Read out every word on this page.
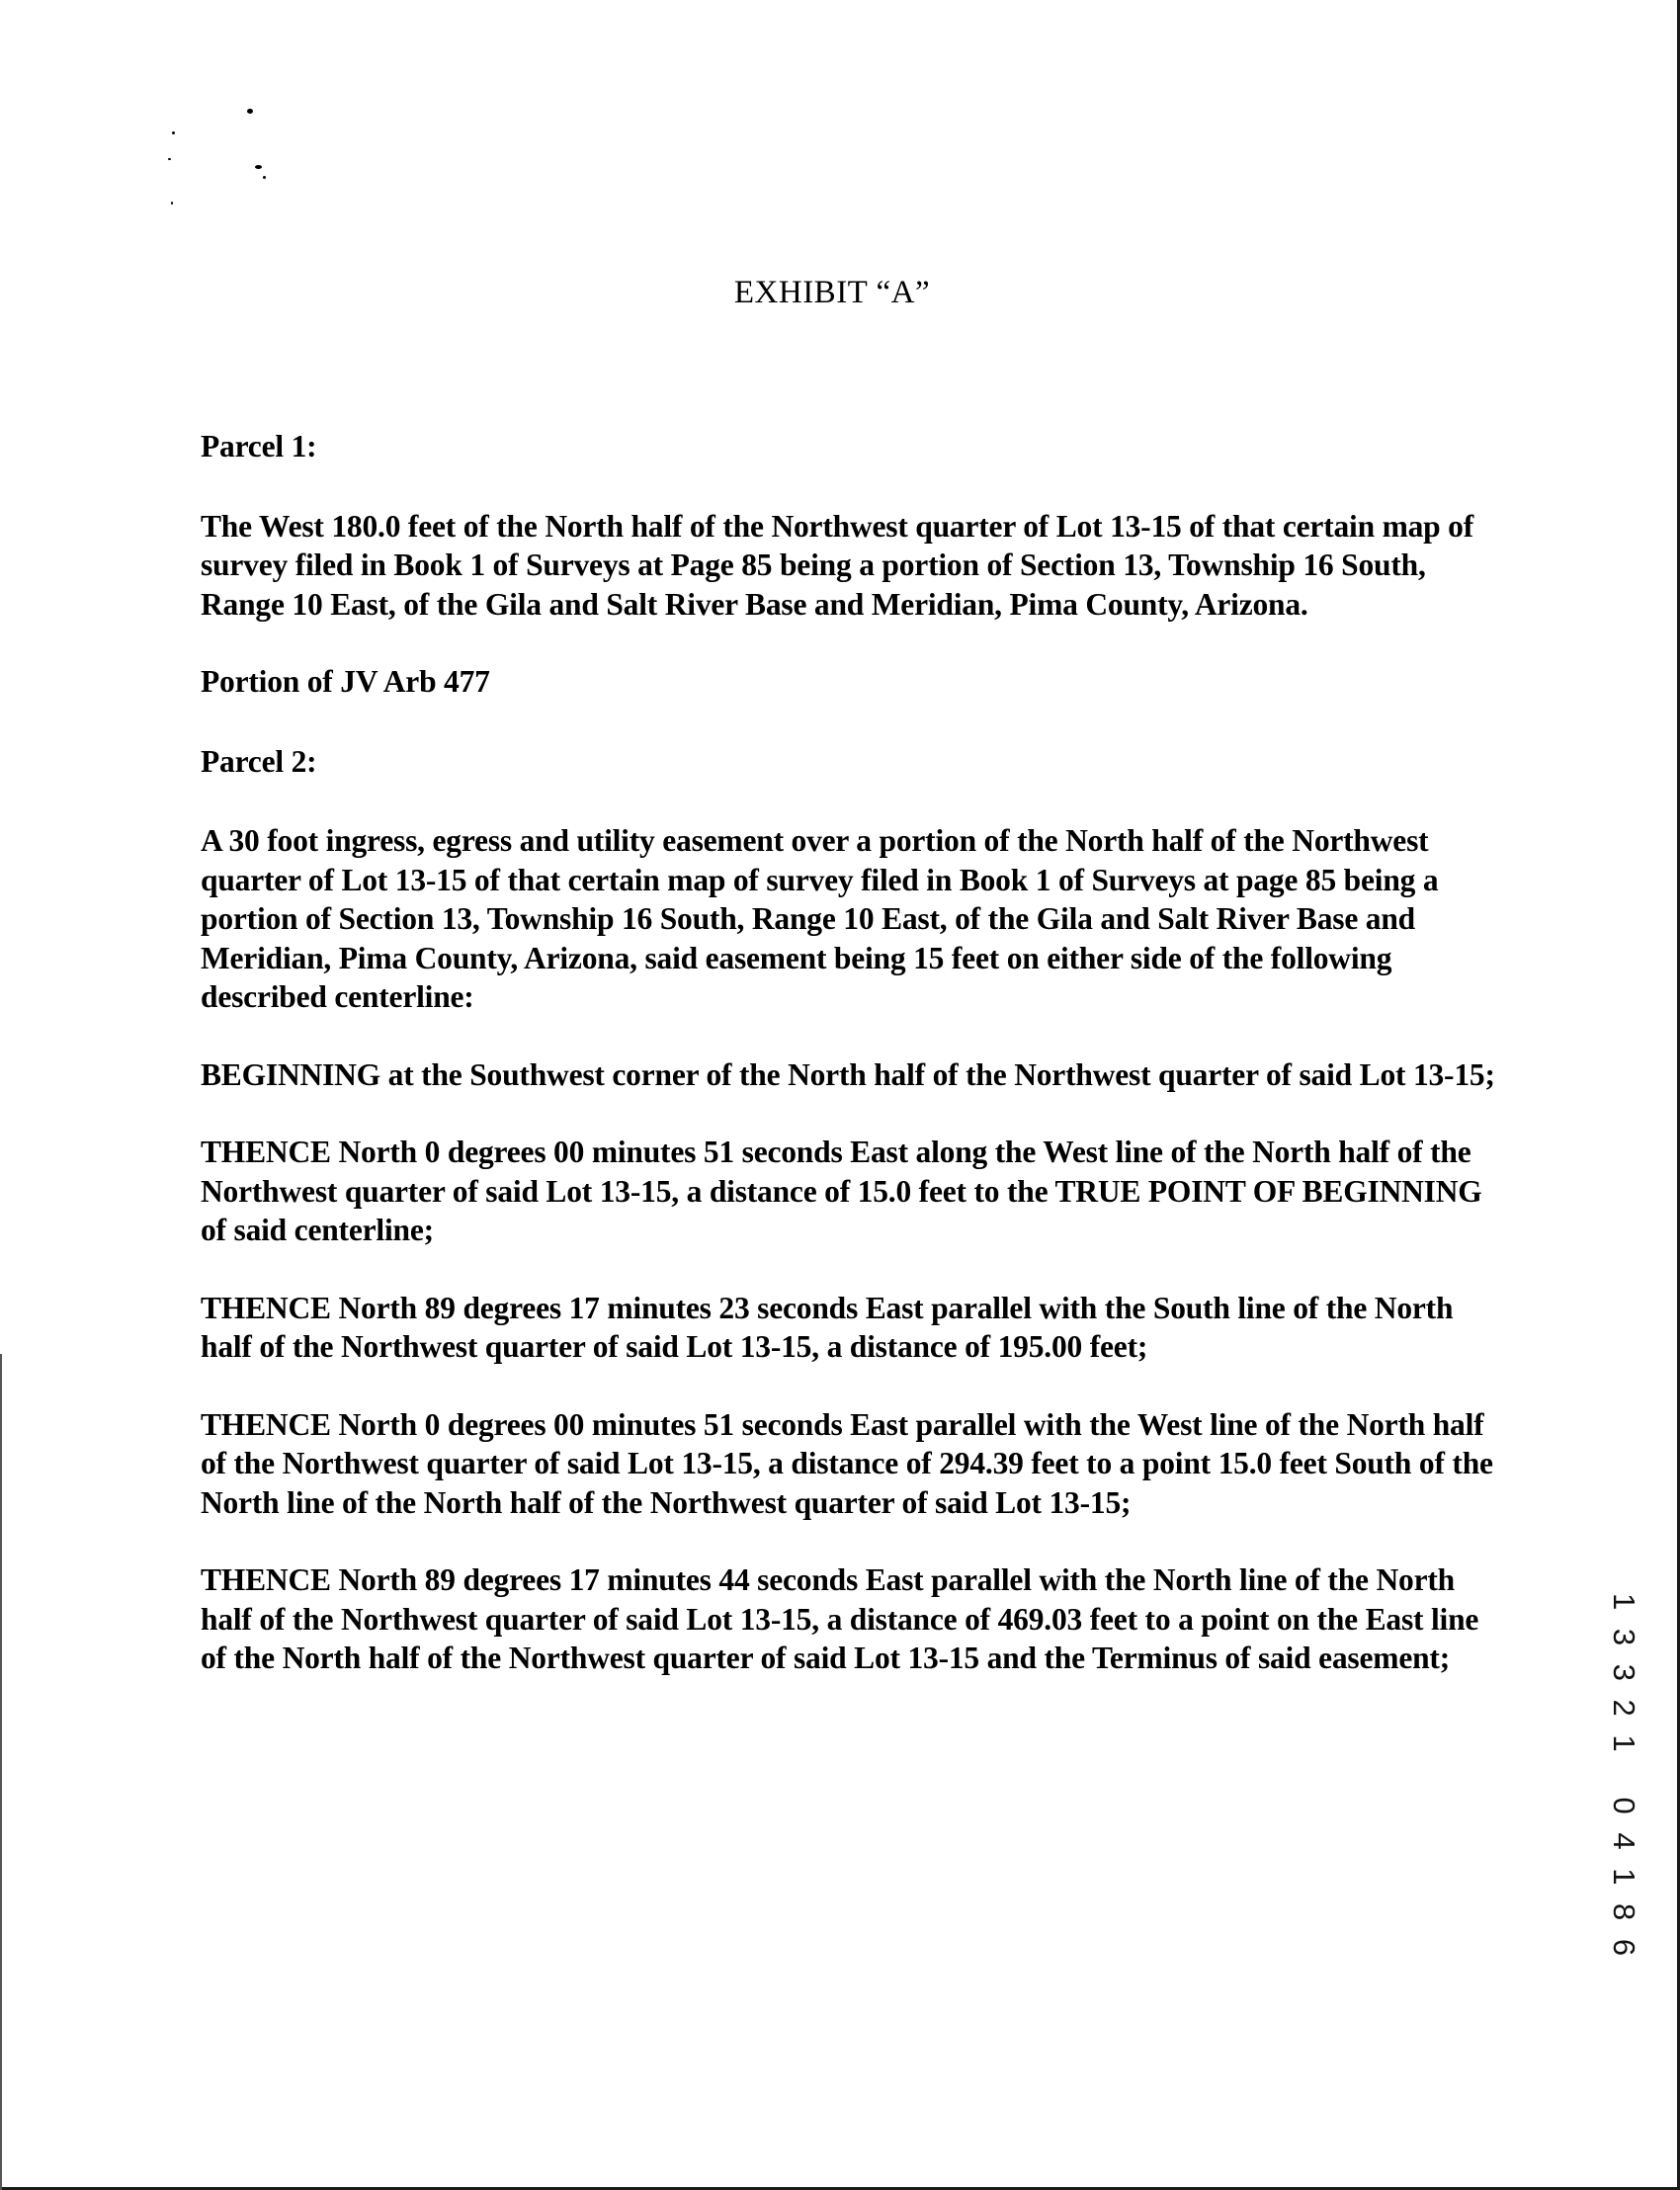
EXHIBIT “A”

Parcel 1:

The West 180.0 feet of the North half of the Northwest quarter of Lot 13-15 of that certain map of survey filed in Book 1 of Surveys at Page 85 being a portion of Section 13, Township 16 South, Range 10 East, of the Gila and Salt River Base and Meridian, Pima County, Arizona.

Portion of JV Arb 477

Parcel 2:

A 30 foot ingress, egress and utility easement over a portion of the North half of the Northwest quarter of Lot 13-15 of that certain map of survey filed in Book 1 of Surveys at page 85 being a portion of Section 13, Township 16 South, Range 10 East, of the Gila and Salt River Base and Meridian, Pima County, Arizona, said easement being 15 feet on either side of the following described centerline:

BEGINNING at the Southwest corner of the North half of the Northwest quarter of said Lot 13-15;

THENCE North 0 degrees 00 minutes 51 seconds East along the West line of the North half of the Northwest quarter of said Lot 13-15, a distance of 15.0 feet to the TRUE POINT OF BEGINNING of said centerline;

THENCE North 89 degrees 17 minutes 23 seconds East parallel with the South line of the North half of the Northwest quarter of said Lot 13-15, a distance of 195.00 feet;

THENCE North 0 degrees 00 minutes 51 seconds East parallel with the West line of the North half of the Northwest quarter of said Lot 13-15, a distance of 294.39 feet to a point 15.0 feet South of the North line of the North half of the Northwest quarter of said Lot 13-15;

THENCE North 89 degrees 17 minutes 44 seconds East parallel with the North line of the North half of the Northwest quarter of said Lot 13-15, a distance of 469.03 feet to a point on the East line of the North half of the Northwest quarter of said Lot 13-15 and the Terminus of said easement;	1 3 3 2 1   0 4 1 8 6
